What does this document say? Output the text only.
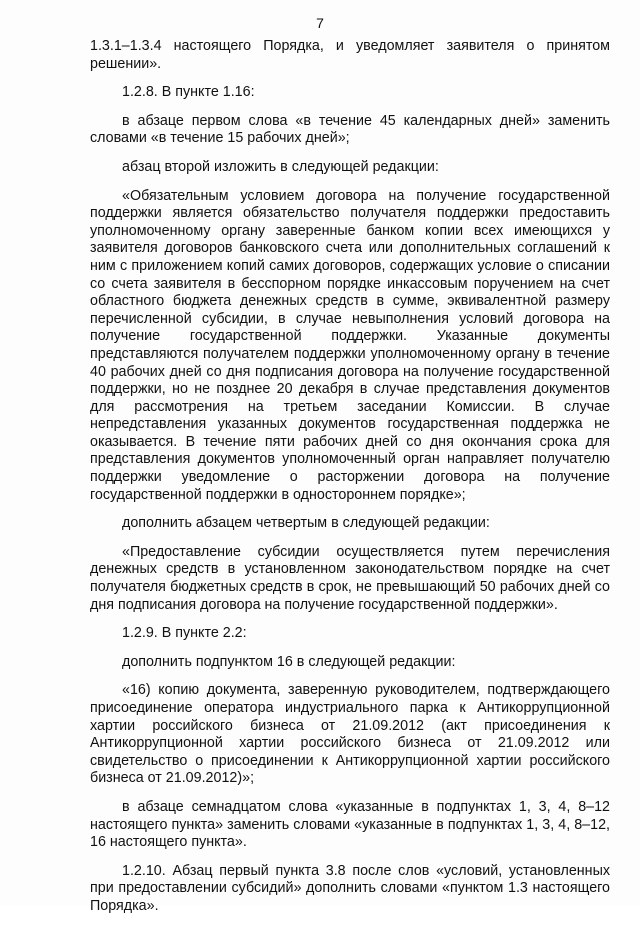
7

1.3.1–1.3.4 настоящего Порядка, и уведомляет заявителя о принятом решении».

1.2.8. В пункте 1.16:

в абзаце первом слова «в течение 45 календарных дней» заменить словами «в течение 15 рабочих дней»;

абзац второй изложить в следующей редакции:

«Обязательным условием договора на получение государственной поддержки является обязательство получателя поддержки предоставить уполномоченному органу заверенные банком копии всех имеющихся у заявителя договоров банковского счета или дополнительных соглашений к ним с приложением копий самих договоров, содержащих условие о списании со счета заявителя в бесспорном порядке инкассовым поручением на счет областного бюджета денежных средств в сумме, эквивалентной размеру перечисленной субсидии, в случае невыполнения условий договора на получение государственной поддержки. Указанные документы представляются получателем поддержки уполномоченному органу в течение 40 рабочих дней со дня подписания договора на получение государственной поддержки, но не позднее 20 декабря в случае представления документов для рассмотрения на третьем заседании Комиссии. В случае непредставления указанных документов государственная поддержка не оказывается. В течение пяти рабочих дней со дня окончания срока для представления документов уполномоченный орган направляет получателю поддержки уведомление о расторжении договора на получение государственной поддержки в одностороннем порядке»;

дополнить абзацем четвертым в следующей редакции:

«Предоставление субсидии осуществляется путем перечисления денежных средств в установленном законодательством порядке на счет получателя бюджетных средств в срок, не превышающий 50 рабочих дней со дня подписания договора на получение государственной поддержки».

1.2.9. В пункте 2.2:

дополнить подпунктом 16 в следующей редакции:

«16) копию документа, заверенную руководителем, подтверждающего присоединение оператора индустриального парка к Антикоррупционной хартии российского бизнеса от 21.09.2012 (акт присоединения к Антикоррупционной хартии российского бизнеса от 21.09.2012 или свидетельство о присоединении к Антикоррупционной хартии российского бизнеса от 21.09.2012)»;

в абзаце семнадцатом слова «указанные в подпунктах 1, 3, 4, 8–12 настоящего пункта» заменить словами «указанные в подпунктах 1, 3, 4, 8–12, 16 настоящего пункта».

1.2.10. Абзац первый пункта 3.8 после слов «условий, установленных при предоставлении субсидий» дополнить словами «пунктом 1.3 настоящего Порядка».
